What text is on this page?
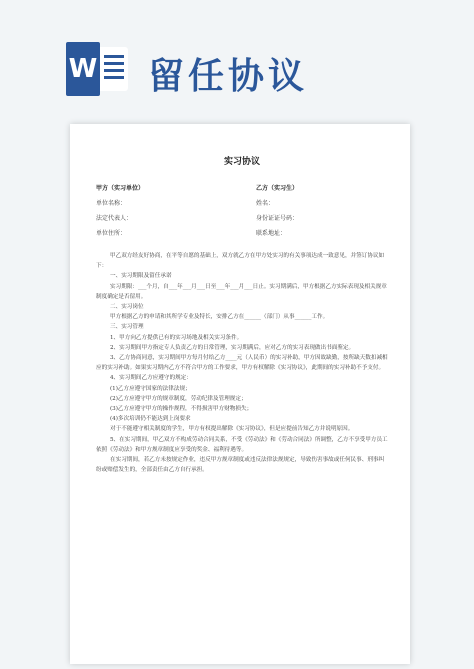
W 留任协议
实习协议
甲方（实习单位）	乙方（实习生）
单位名称：	姓名：
法定代表人：	身份证证号码：
单位住所：	联系地址：

甲乙双方经友好协商，在平等自愿的基础上，双方就乙方在甲方处实习的有关事项达成一致意见，并签订协议如下：

一、实习期限及留任承诺

实习期限：___个月，自___年___月___日至___年___月___日止。实习期满后，甲方根据乙方实际表现及相关规章制度确定是否留用。

二、实习岗位

甲方根据乙方的申请和其所学专业及特长，安排乙方在______（部门）从事______工作。

三、实习管理

1、甲方向乙方提供已有的实习场地及相关实习条件。

2、实习期间甲方指定专人负责乙方的日常管理，实习期满后，应对乙方的实习表现做出书面鉴定。

3、乙方协商同意，实习期间甲方每月付给乙方____元（人民币）的实习补助，甲方因故缺勤，按所缺天数扣减相应的实习补助。如果实习期内乙方不符合甲方的工作要求，甲方有权解除《实习协议》，此期间的实习补助不予支付。

4、实习期间乙方应遵守的规定：

(1)乙方应遵守国家的法律法规；

(2)乙方应遵守甲方的规章制度，劳动纪律及管理规定；

(3)乙方应遵守甲方的操作规程，不得损害甲方财物损失；

(4)多次培训仍不能达到上岗要求

对于不能遵守相关制度的学生，甲方有权提出解除《实习协议》，但是应提前告知乙方并说明原因。

5、在实习期间，甲乙双方不构成劳动合同关系，不受《劳动法》和《劳动合同法》所调整，乙方不享受甲方员工依照《劳动法》和甲方规章制度应享受的奖金、福利待遇等。

在实习期间，若乙方未按规定作业，违反甲方规章制度或违反法律法规规定，导致伤害事故或任何民事、刑事纠纷或赔偿发生的，全部责任由乙方自行承担。
